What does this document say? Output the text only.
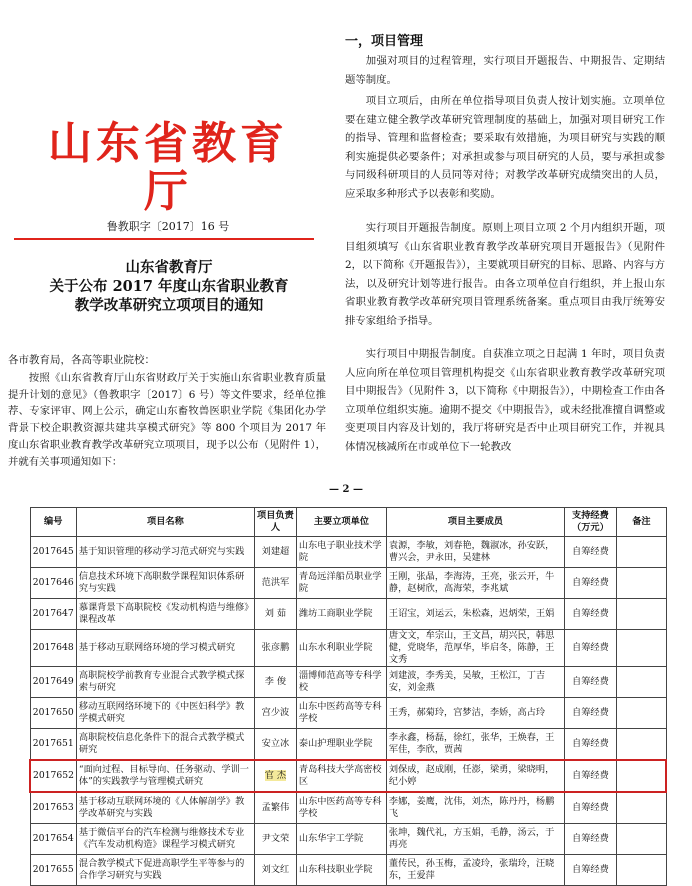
山东省教育厅
鲁教职字〔2017〕16 号
山东省教育厅
关于公布 2017 年度山东省职业教育
教学改革研究立项项目的通知
各市教育局，各高等职业院校：
按照《山东省教育厅山东省财政厅关于实施山东省职业教育质量提升计划的意见》（鲁教职字〔2017〕6 号）等文件要求，经单位推荐、专家评审、网上公示，确定山东畜牧兽医职业学院《集团化办学背景下校企职教资源共建共享模式研究》等 800 个项目为 2017 年度山东省职业教育教学改革研究立项项目，现予以公布（见附件 1），并就有关事项通知如下：
一，项目管理

加强对项目的过程管理，实行项目开题报告、中期报告、定期结题等制度。

项目立项后，由所在单位指导项目负责人按计划实施。立项单位要在建立健全教学改革研究管理制度的基础上，加强对项目研究工作的指导、管理和监督检查；要采取有效措施，为项目研究与实践的顺利实施提供必要条件；对承担或参与项目研究的人员，要与承担或参与同级科研项目的人员同等对待；对教学改革研究成绩突出的人员，应采取多种形式予以表彰和奖励。

实行项目开题报告制度。原则上项目立项 2 个月内组织开题，项目组须填写《山东省职业教育教学改革研究项目开题报告》（见附件 2，以下简称《开题报告》），主要就项目研究的目标、思路、内容与方法，以及研究计划等进行报告。由各立项单位自行组织，并上报山东省职业教育教学改革研究项目管理系统备案。重点项目由我厅统筹安排专家组给予指导。

实行项目中期报告制度。自获准立项之日起满 1 年时，项目负责人应向所在单位项目管理机构提交《山东省职业教育教学改革研究项目中期报告》（见附件 3，以下简称《中期报告》），中期检查工作由各立项单位组织实施。逾期不提交《中期报告》，或未经批准擅自调整或变更项目内容及计划的，我厅将研究是否中止项目研究工作，并视具体情况核减所在市或单位下一轮教改

— 2 —
编号	项目名称	项目负责人	主要立项单位	项目主要成员	支持经费（万元）	备注
2017645	基于知识管理的移动学习范式研究与实践	刘建超	山东电子职业技术学院	袁源，李敏，刘春艳，魏淑冰，孙安跃，曹兴会，尹永田，吴建林	自筹经费	
2017646	信息技术环境下高职数学课程知识体系研究与实践	范洪军	青岛远洋船员职业学院	王刚，张晶，李海涛，王亮，张云开，牛静，赵树欣，高海荣，李兆斌	自筹经费	
2017647	慕课背景下高职院校《发动机构造与维修》课程改革	刘 茹	潍坊工商职业学院	王诏宝，刘运云，朱松森，迟炳荣，王娟	自筹经费	
2017648	基于移动互联网络环境的学习模式研究	张彦鹏	山东水利职业学院	唐文文，牟宗山，王文昌，胡兴民，韩思健，党晓华，范厚华，毕启冬，陈静，王文秀	自筹经费	
2017649	高职院校学前教育专业混合式教学模式探索与研究	李 俊	淄博师范高等专科学校	刘建波，李秀美，吴敏，王松江，丁吉安，刘金燕	自筹经费	
2017650	移动互联网络环境下的《中医妇科学》教学模式研究	宫少波	山东中医药高等专科学校	王秀，郝菊玲，宫梦洁，李娇，高占玲	自筹经费	
2017651	高职院校信息化条件下的混合式教学模式研究	安立冰	泰山护理职业学院	李永鑫，杨磊，徐红，张华，王焕春，王军佳，李欣，贾茜	自筹经费	
2017652	“面向过程、目标导向、任务驱动、学训一体”的实践教学与管理模式研究	官 杰	青岛科技大学高密校区	刘保成，赵成刚，任澎，梁勇，梁晓明，纪小婷	自筹经费	
2017653	基于移动互联网环境的《人体解剖学》教学改革研究与实践	孟繁伟	山东中医药高等专科学校	李娜，姜鹰，沈伟，刘杰，陈丹丹，杨鹏飞	自筹经费	
2017654	基于微信平台的汽车检测与维修技术专业《汽车发动机构造》课程学习模式研究	尹文荣	山东华宇工学院	张坤，魏代礼，方玉娟，毛静，汤云，于再亮	自筹经费	
2017655	混合教学模式下促进高职学生平等参与的合作学习研究与实践	刘文红	山东科技职业学院	董传民，孙玉梅，孟凌玲，张瑞玲，汪晓东，王爱萍	自筹经费	
